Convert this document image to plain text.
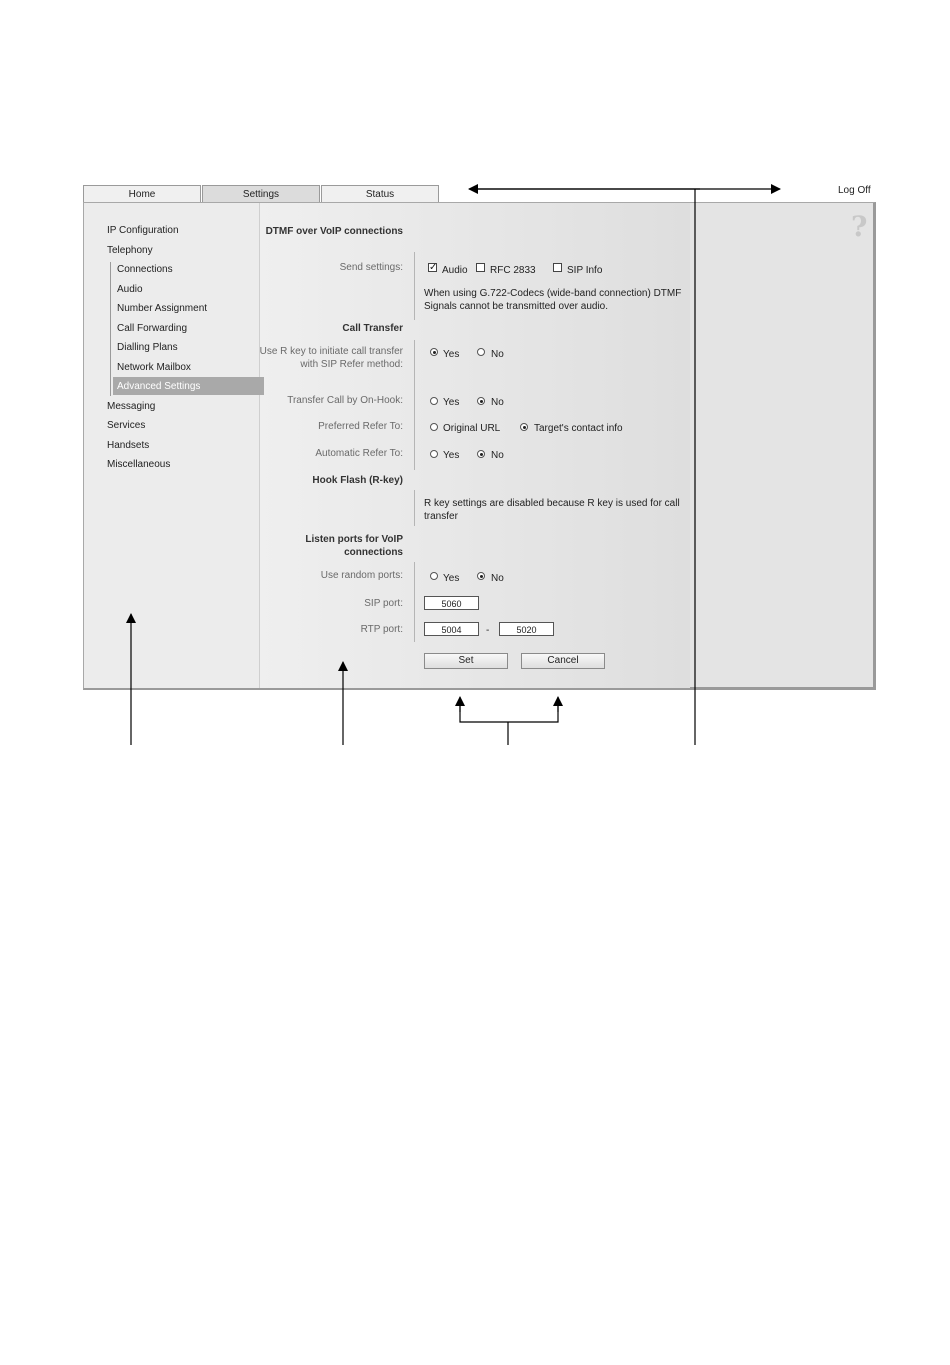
Home	Settings	Status	Log Off
?
IP Configuration
Telephony
Connections
Audio
Number Assignment
Call Forwarding
Dialling Plans
Network Mailbox
Advanced Settings
Messaging
Services
Handsets
Miscellaneous
DTMF over VoIP connections
Send settings:	✓ Audio RFC 2833	SIP Info
When using G.722-Codecs (wide-band connection) DTMF Signals cannot be transmitted over audio.
Call Transfer
Use R key to initiate call transfer with SIP Refer method:
Yes	No
Transfer Call by On-Hook:	Yes	No
Preferred Refer To:	Original URL	Target's contact info
Automatic Refer To:	Yes	No
Hook Flash (R-key)
R key settings are disabled because R key is used for call transfer
Listen ports for VoIP connections
Use random ports:	Yes	No
SIP port:	5060
RTP port:	5004	-	5020
Set	Cancel
